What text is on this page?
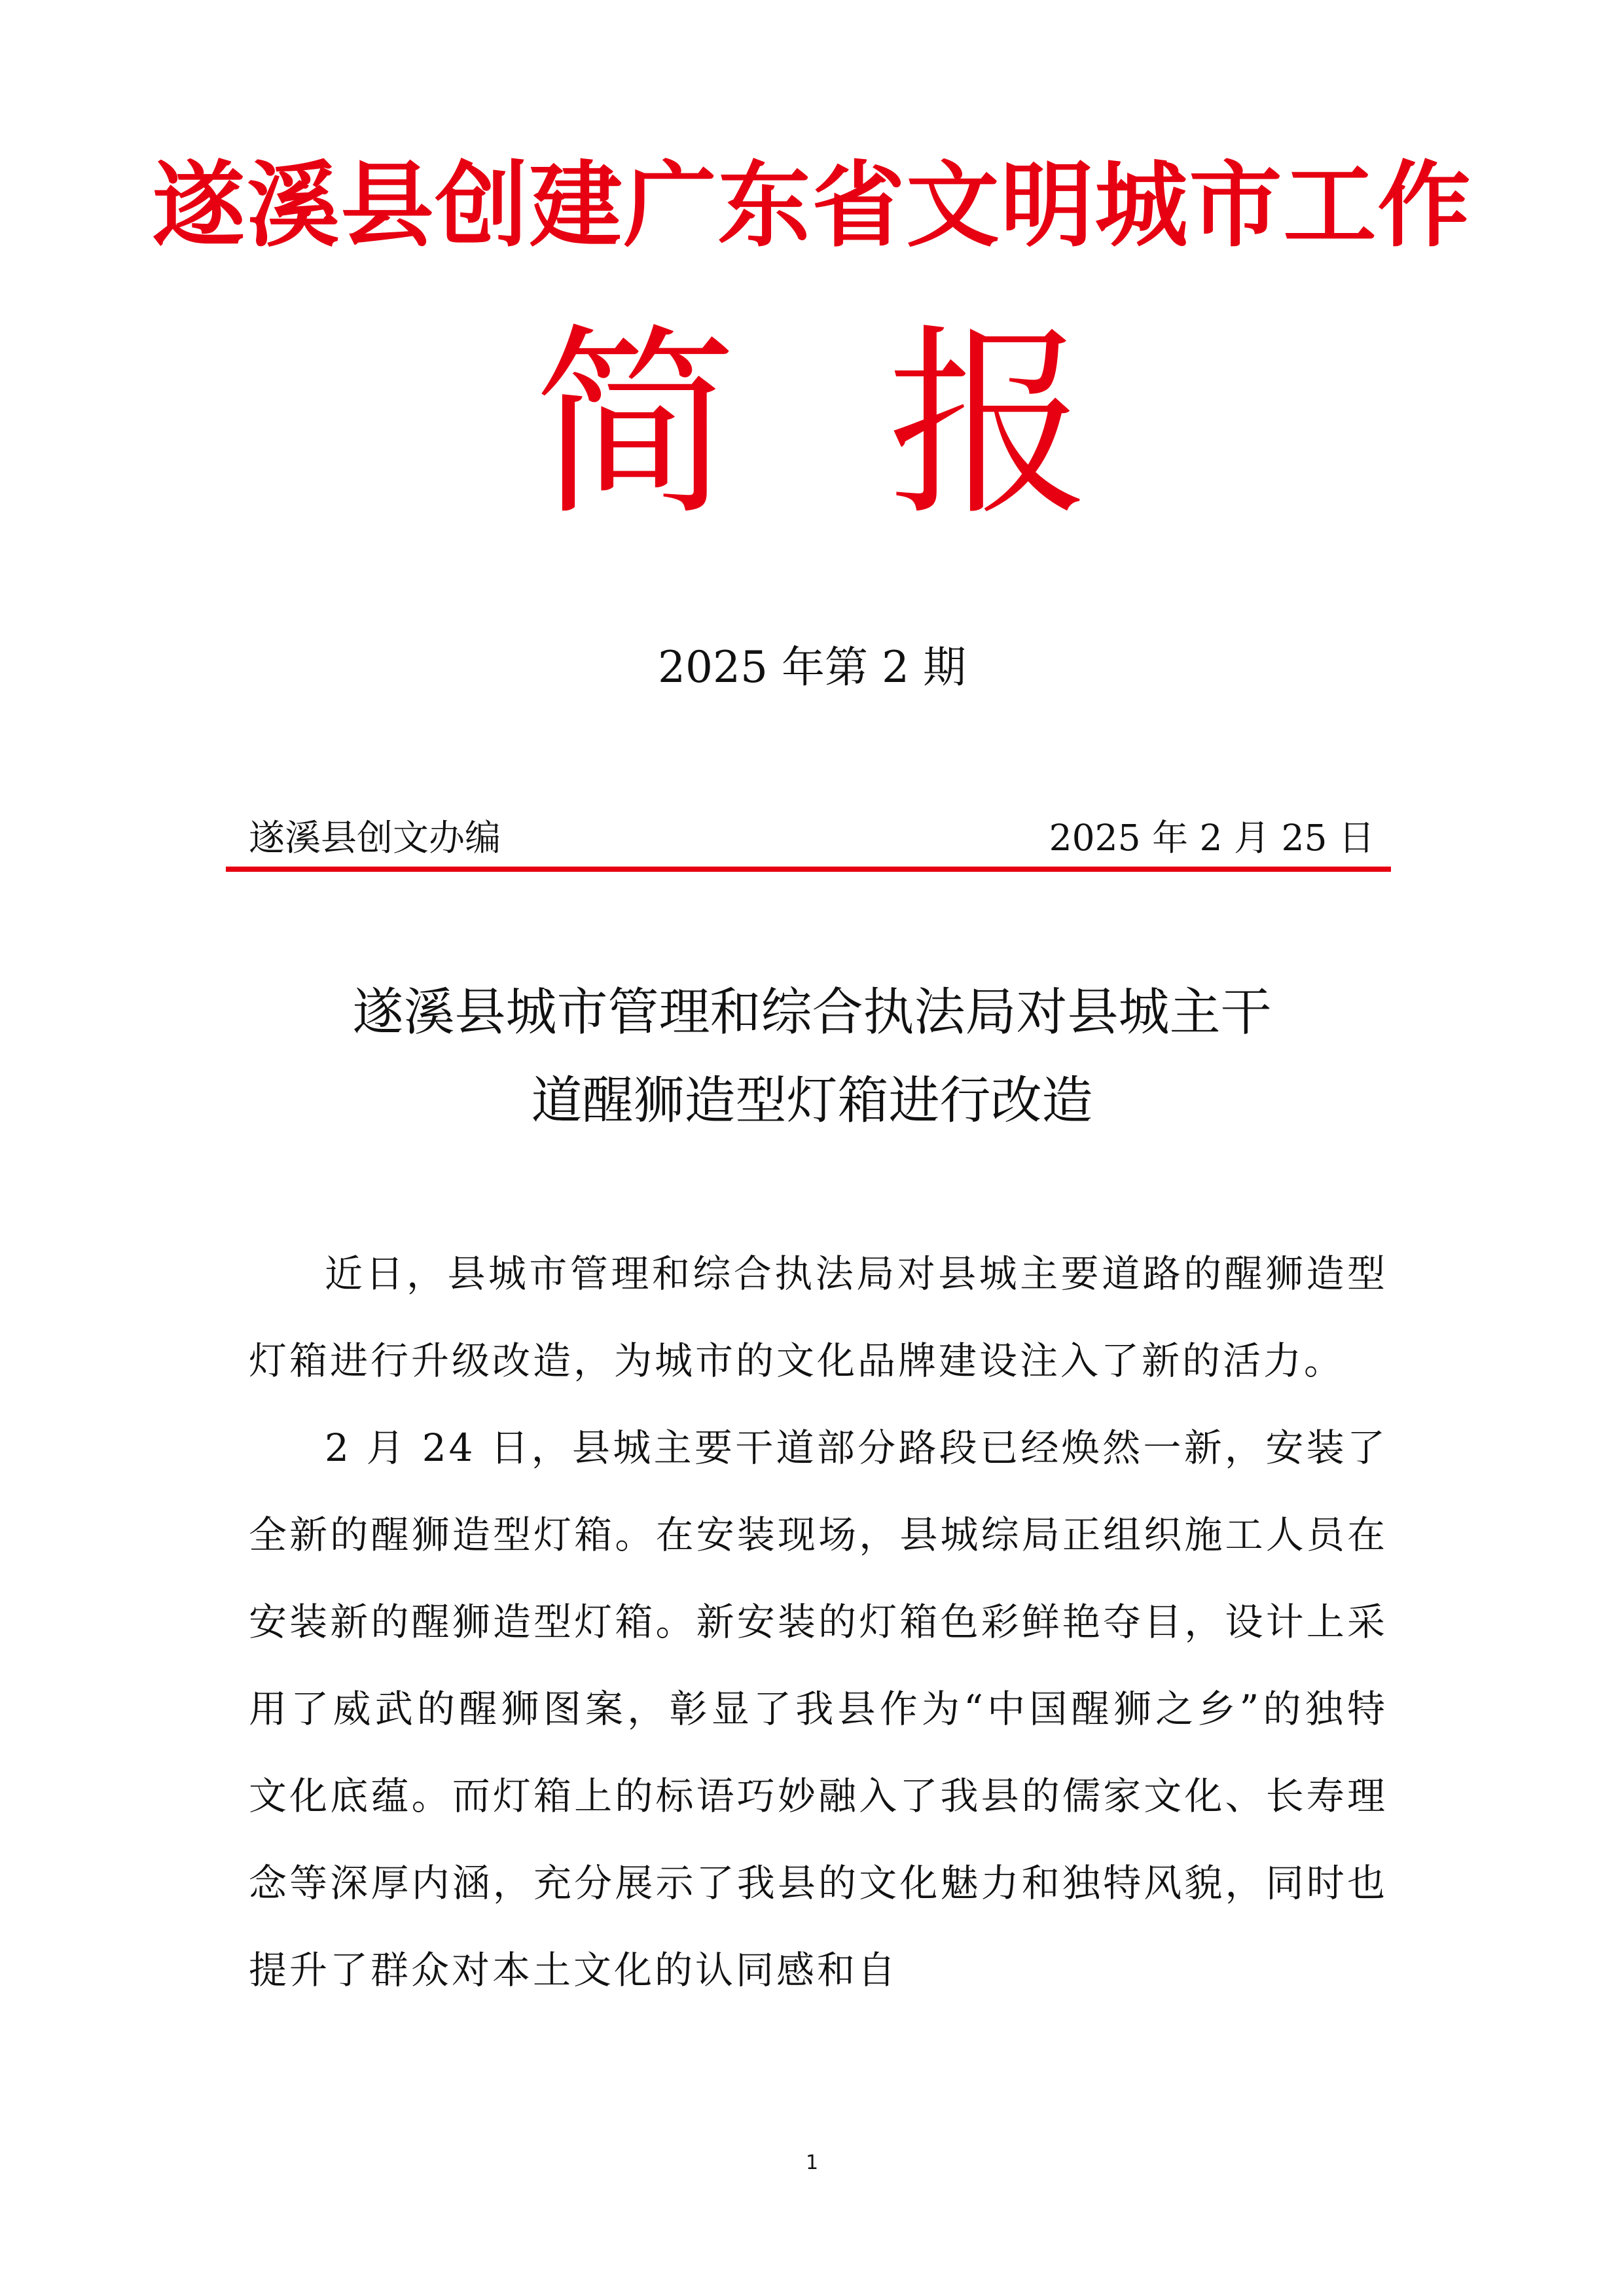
遂溪县创建广东省文明城市工作
简 报
2025 年第 2 期
遂溪县创文办编	2025 年 2 月 25 日
遂溪县城市管理和综合执法局对县城主干
道醒狮造型灯箱进行改造

近日，县城市管理和综合执法局对县城主要道路的醒狮造型灯箱进行升级改造，为城市的文化品牌建设注入了新的活力。

2 月 24 日，县城主要干道部分路段已经焕然一新，安装了全新的醒狮造型灯箱。在安装现场，县城综局正组织施工人员在安装新的醒狮造型灯箱。新安装的灯箱色彩鲜艳夺目，设计上采用了威武的醒狮图案，彰显了我县作为“中国醒狮之乡”的独特文化底蕴。而灯箱上的标语巧妙融入了我县的儒家文化、长寿理念等深厚内涵，充分展示了我县的文化魅力和独特风貌，同时也提升了群众对本土文化的认同感和自

1
